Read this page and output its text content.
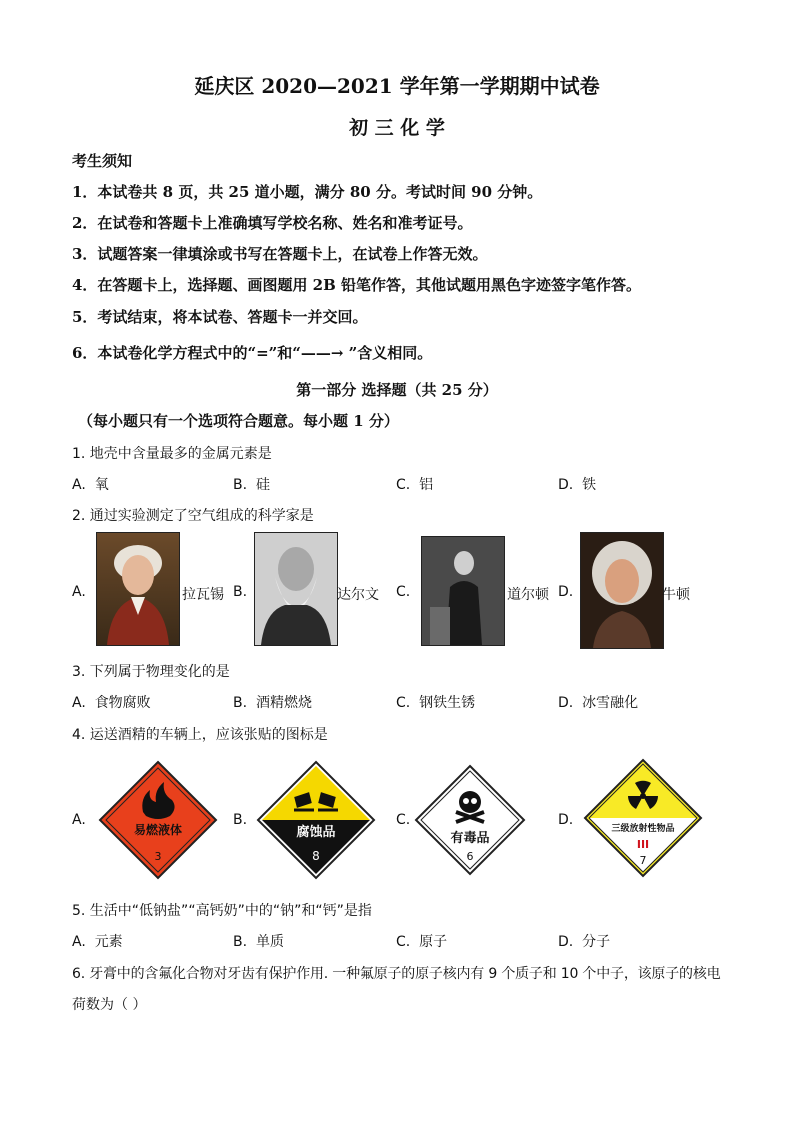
延庆区 2020—2021 学年第一学期期中试卷
初 三 化 学
考生须知
1．本试卷共 8 页，共 25 道小题，满分 80 分。考试时间 90 分钟。
2．在试卷和答题卡上准确填写学校名称、姓名和准考证号。
3．试题答案一律填涂或书写在答题卡上，在试卷上作答无效。
4．在答题卡上，选择题、画图题用 2B 铅笔作答，其他试题用黑色字迹签字笔作答。
5．考试结束，将本试卷、答题卡一并交回。
6．本试卷化学方程式中的“=”和“——→ ”含义相同。
第一部分 选择题（共 25 分）
（每小题只有一个选项符合题意。每小题 1 分）
1. 地壳中含量最多的金属元素是
A. 氧	B. 硅	C. 铝	D. 铁
2. 通过实验测定了空气组成的科学家是
A.	拉瓦锡 B.	达尔文 C.	道尔顿 D.	牛顿
3. 下列属于物理变化的是
A. 食物腐败	B. 酒精燃烧	C. 钢铁生锈	D. 冰雪融化
4. 运送酒精的车辆上，应该张贴的图标是
A.
易燃液体
3
B.
腐蚀品
8
C.
有毒品
6
D.
三级放射性物品
III
7
5. 生活中“低钠盐”“高钙奶”中的“钠”和“钙”是指
A. 元素	B. 单质	C. 原子	D. 分子
6. 牙膏中的含氟化合物对牙齿有保护作用. 一种氟原子的原子核内有 9 个质子和 10 个中子，该原子的核电
荷数为（ ）
